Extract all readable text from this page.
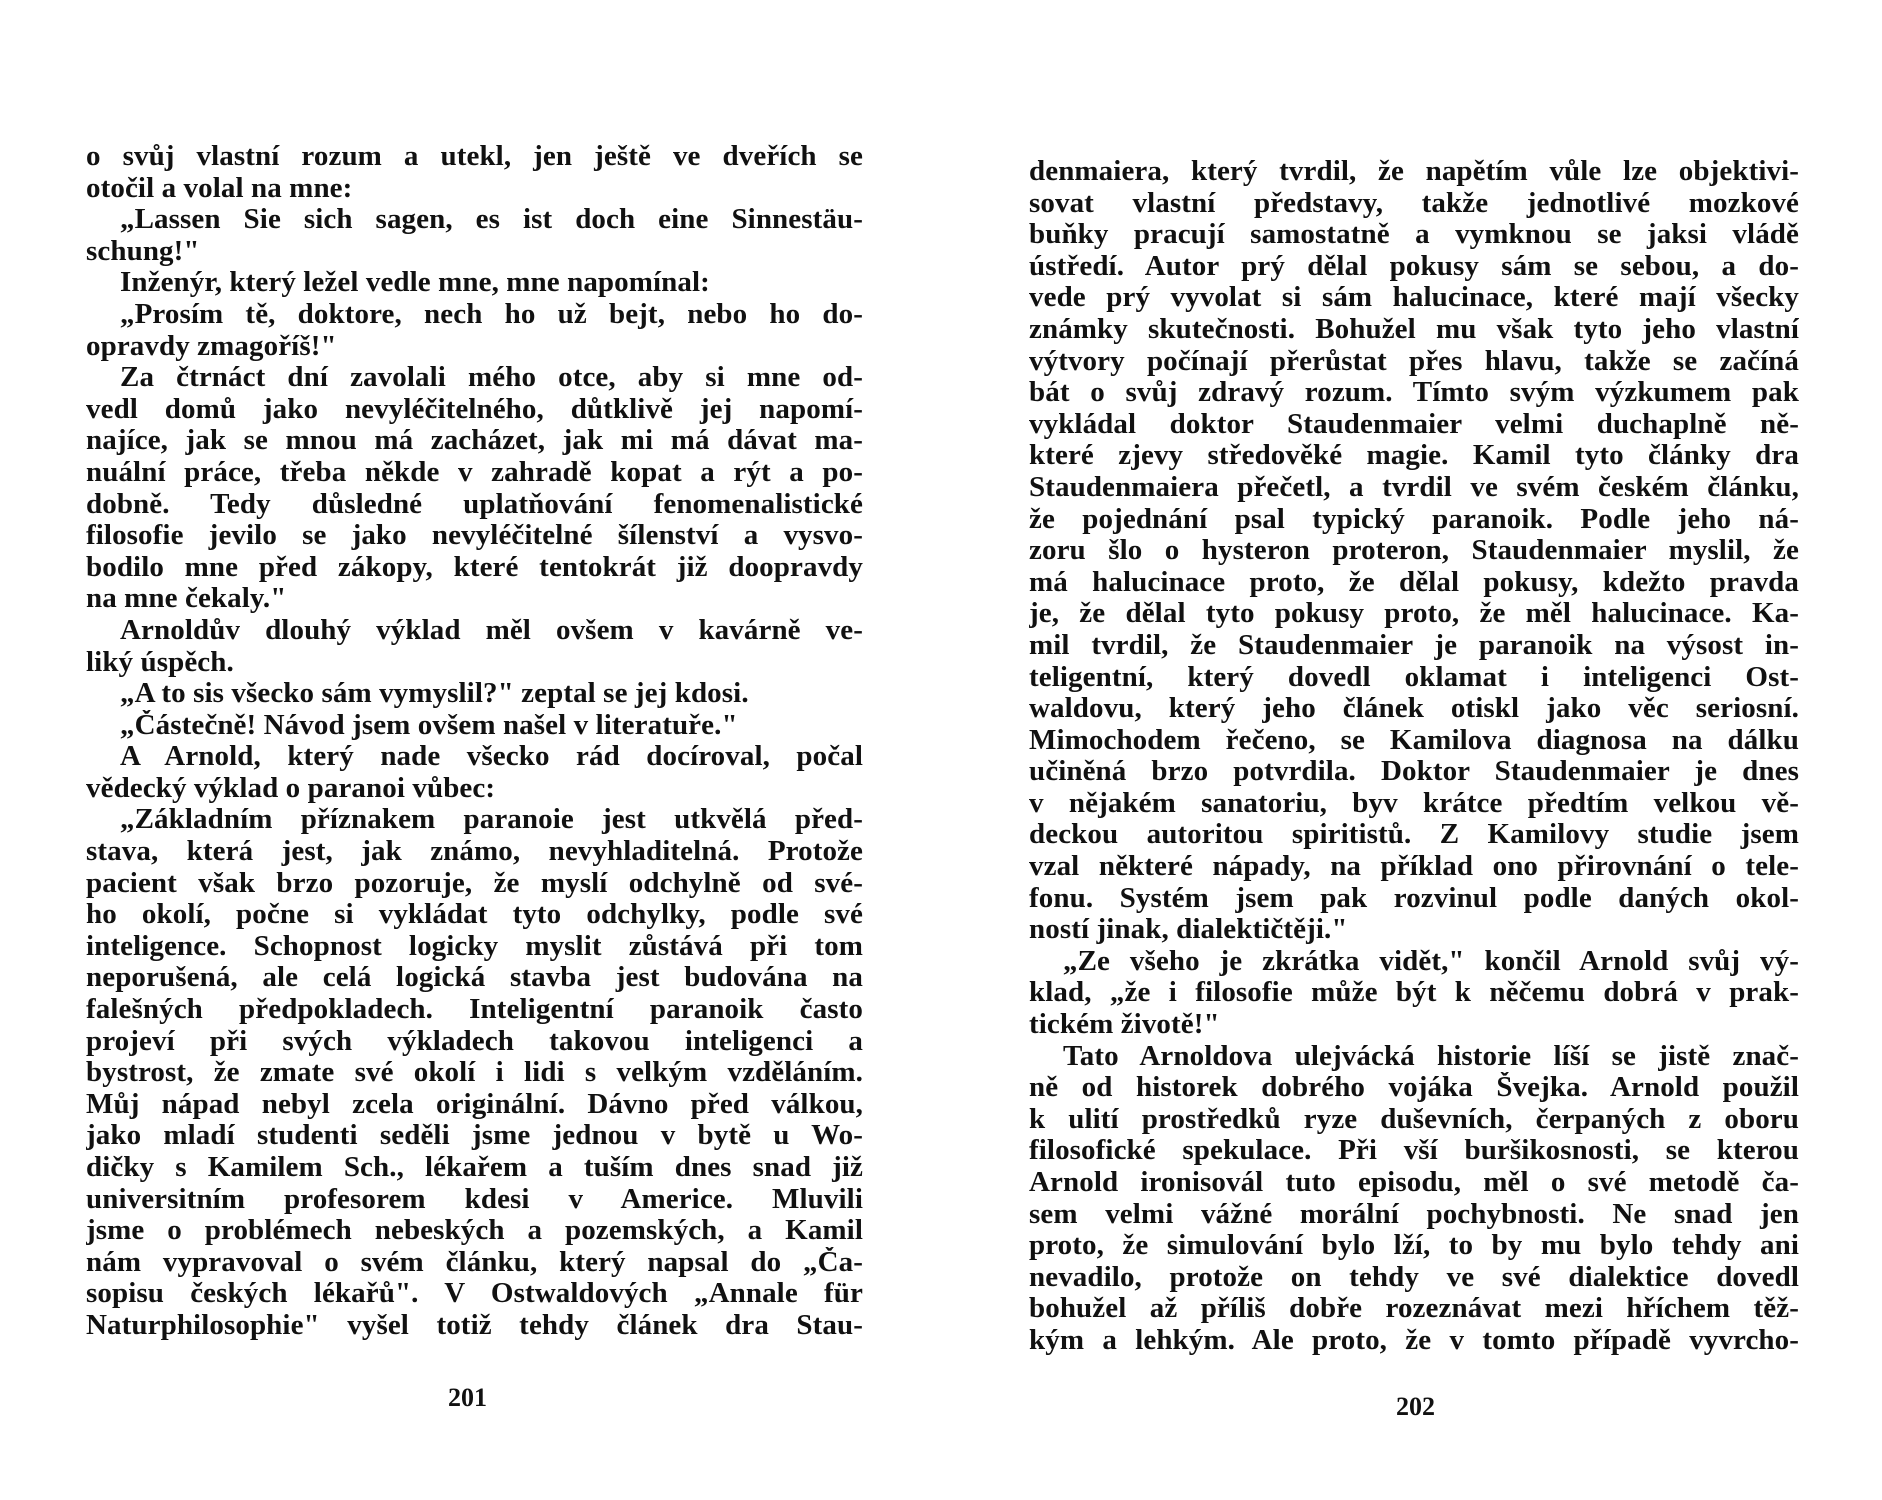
o svůj vlastní rozum a utekl, jen ještě ve dveřích se
otočil a volal na mne:
„Lassen Sie sich sagen, es ist doch eine Sinnestäu-
schung!"
Inženýr, který ležel vedle mne, mne napomínal:
„Prosím tě, doktore, nech ho už bejt, nebo ho do-
opravdy zmagoříš!"
Za čtrnáct dní zavolali mého otce, aby si mne od-
vedl domů jako nevyléčitelného, důtklivě jej napomí-
najíce, jak se mnou má zacházet, jak mi má dávat ma-
nuální práce, třeba někde v zahradě kopat a rýt a po-
dobně. Tedy důsledné uplatňování fenomenalistické
filosofie jevilo se jako nevyléčitelné šílenství a vysvo-
bodilo mne před zákopy, které tentokrát již doopravdy
na mne čekaly."
Arnoldův dlouhý výklad měl ovšem v kavárně ve-
liký úspěch.
„A to sis všecko sám vymyslil?" zeptal se jej kdosi.
„Částečně! Návod jsem ovšem našel v literatuře."
A Arnold, který nade všecko rád docíroval, počal
vědecký výklad o paranoi vůbec:
„Základním příznakem paranoie jest utkvělá před-
stava, která jest, jak známo, nevyhladitelná. Protože
pacient však brzo pozoruje, že myslí odchylně od své-
ho okolí, počne si vykládat tyto odchylky, podle své
inteligence. Schopnost logicky myslit zůstává při tom
neporušená, ale celá logická stavba jest budována na
falešných předpokladech. Inteligentní paranoik často
projeví při svých výkladech takovou inteligenci a
bystrost, že zmate své okolí i lidi s velkým vzděláním.
Můj nápad nebyl zcela originální. Dávno před válkou,
jako mladí studenti seděli jsme jednou v bytě u Wo-
dičky s Kamilem Sch., lékařem a tuším dnes snad již
universitním profesorem kdesi v Americe. Mluvili
jsme o problémech nebeských a pozemských, a Kamil
nám vypravoval o svém článku, který napsal do „Ča-
sopisu českých lékařů". V Ostwaldových „Annale für
Naturphilosophie" vyšel totiž tehdy článek dra Stau-
201
denmaiera, který tvrdil, že napětím vůle lze objektivi-
sovat vlastní představy, takže jednotlivé mozkové
buňky pracují samostatně a vymknou se jaksi vládě
ústředí. Autor prý dělal pokusy sám se sebou, a do-
vede prý vyvolat si sám halucinace, které mají všecky
známky skutečnosti. Bohužel mu však tyto jeho vlastní
výtvory počínají přerůstat přes hlavu, takže se začíná
bát o svůj zdravý rozum. Tímto svým výzkumem pak
vykládal doktor Staudenmaier velmi duchaplně ně-
které zjevy středověké magie. Kamil tyto články dra
Staudenmaiera přečetl, a tvrdil ve svém českém článku,
že pojednání psal typický paranoik. Podle jeho ná-
zoru šlo o hysteron proteron, Staudenmaier myslil, že
má halucinace proto, že dělal pokusy, kdežto pravda
je, že dělal tyto pokusy proto, že měl halucinace. Ka-
mil tvrdil, že Staudenmaier je paranoik na výsost in-
teligentní, který dovedl oklamat i inteligenci Ost-
waldovu, který jeho článek otiskl jako věc seriosní.
Mimochodem řečeno, se Kamilova diagnosa na dálku
učiněná brzo potvrdila. Doktor Staudenmaier je dnes
v nějakém sanatoriu, byv krátce předtím velkou vě-
deckou autoritou spiritistů. Z Kamilovy studie jsem
vzal některé nápady, na příklad ono přirovnání o tele-
fonu. Systém jsem pak rozvinul podle daných okol-
ností jinak, dialektičtěji."
„Ze všeho je zkrátka vidět," končil Arnold svůj vý-
klad, „že i filosofie může být k něčemu dobrá v prak-
tickém životě!"
Tato Arnoldova ulejvácká historie líší se jistě znač-
ně od historek dobrého vojáka Švejka. Arnold použil
k ulití prostředků ryze duševních, čerpaných z oboru
filosofické spekulace. Při vší buršikosnosti, se kterou
Arnold ironisovál tuto episodu, měl o své metodě ča-
sem velmi vážné morální pochybnosti. Ne snad jen
proto, že simulování bylo lží, to by mu bylo tehdy ani
nevadilo, protože on tehdy ve své dialektice dovedl
bohužel až příliš dobře rozeznávat mezi hříchem těž-
kým a lehkým. Ale proto, že v tomto případě vyvrcho-
202
